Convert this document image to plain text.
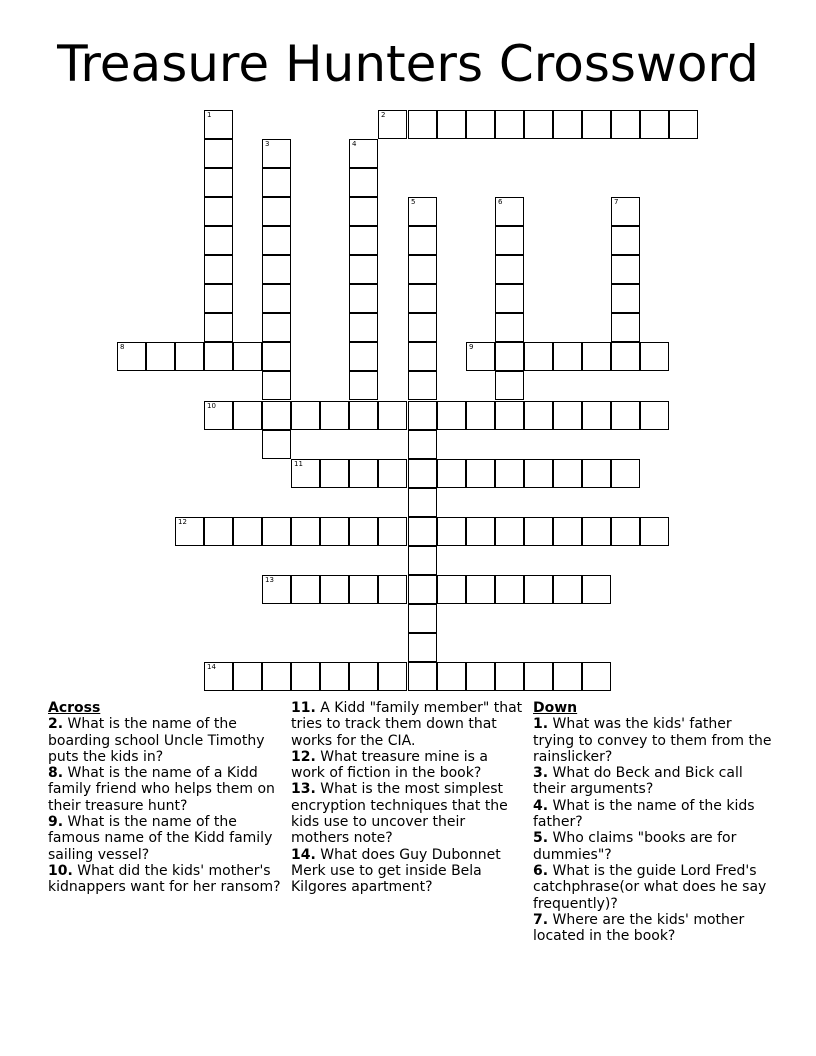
Treasure Hunters Crossword
1	2
3	4
5	6	7
8	9
10
11
12
13
14
Across
2. What is the name of the boarding school Uncle Timothy puts the kids in?
8. What is the name of a Kidd family friend who helps them on their treasure hunt?
9. What is the name of the famous name of the Kidd family sailing vessel?
10. What did the kids' mother's kidnappers want for her ransom?
11. A Kidd "family member" that tries to track them down that works for the CIA.
12. What treasure mine is a work of fiction in the book?
13. What is the most simplest encryption techniques that the kids use to uncover their mothers note?
14. What does Guy Dubonnet Merk use to get inside Bela Kilgores apartment?
Down
1. What was the kids' father trying to convey to them from the rainslicker?
3. What do Beck and Bick call their arguments?
4. What is the name of the kids father?
5. Who claims "books are for dummies"?
6. What is the guide Lord Fred's catchphrase(or what does he say frequently)?
7. Where are the kids' mother located in the book?
